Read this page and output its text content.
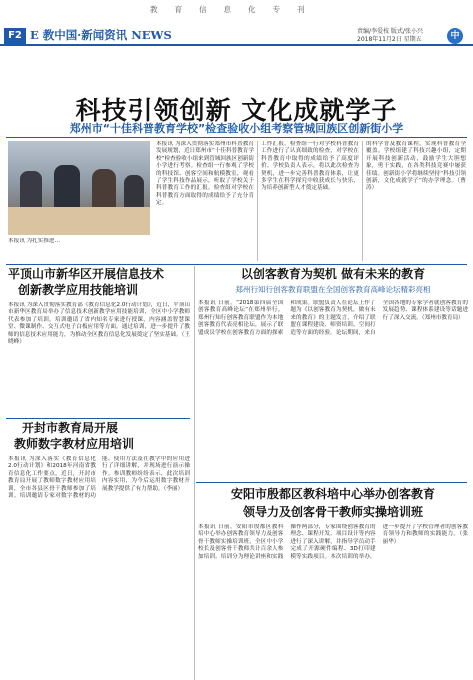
教育信息化专刊
F2 E 教中国·新闻资讯 NEWS	责编/李爱枝 版式/张小兴
2018年11月2日 星期五	中
科技引领创新 文化成就学子
郑州市“十佳科普教育学校”检查验收小组考察管城回族区创新街小学
本报讯 为扎实推进…
本报讯 为深入贯彻落实郑州市科普教育发展规划，近日郑州市“十佳科普教育学校”检查验收小组来到管城回族区创新街小学进行考察。检查组一行参观了学校的科技馆、创客空间和航模教室，观看了学生科技作品展示，听取了学校关于科普教育工作的汇报。检查组对学校在科普教育方面取得的成绩给予了充分肯定。
工作汇报。检查组一行对学校科普教育工作进行了认真细致的检查，对学校在科普教育中取得的成绩给予了高度评价。学校负责人表示，将以此次检查为契机，进一步完善科普教育体系，让更多学生在科学探究中收获成长与快乐，为培养创新型人才奠定基础。
的科学普及教育课程，实现科普教育全覆盖。学校组建了科技兴趣小组，定期开展科技创新活动，鼓励学生大胆想象，勇于实践，在各类科技竞赛中屡获佳绩。创新街小学将继续坚持“科技引领创新，文化成就学子”的办学理念。（曹涛）
平顶山市新华区开展信息技术
创新教学应用技能培训
本报讯 为深入贯彻落实教育部《教育信息化2.0行动计划》，近日，平顶山市新华区教育局举办了信息技术创新教学应用技能培训，全区中小学教师代表参加了培训。培训邀请了省内知名专家进行授课，内容涵盖智慧课堂、微课制作、交互式电子白板应用等方面。通过培训，进一步提升了教师的信息技术应用能力，为推动全区教育信息化发展奠定了坚实基础。（王晓峰）
以创客教育为契机 做有未来的教育
郑州行知行创客教育联盟在全国创客教育高峰论坛精彩亮相
本报讯 日前，“2018第四届全国创客教育高峰论坛”在郑州举行。郑州行知行创客教育联盟作为本地创客教育代表亮相论坛，展示了联盟成员学校在创客教育方面的探索和成果。联盟负责人在论坛上作了题为《以创客教育为契机，做有未来的教育》的主题发言，介绍了联盟在课程建设、师资培训、空间打造等方面的经验。论坛期间，来自全国各地的专家学者就创客教育的发展趋势、课程体系建设等话题进行了深入交流。（郑州市教育局）
开封市教育局开展
教师数字教材应用培训
本报讯 为深入落实《教育信息化2.0行动计划》和2018年河南省教育信息化工作要点，近日，开封市教育局开展了教师数字教材应用培训，全市各县区骨干教师参加了培训。培训邀请专家对数字教材的功能、使用方法及在教学中的应用进行了详细讲解，并现场进行演示操作。参训教师纷纷表示，此次培训内容实用，为今后运用数字教材开展教学提供了有力帮助。（李丽）	安阳市殷都区教科培中心举办创客教育
领导力及创客骨干教师实操培训班
本报讯 日前，安阳市殷都区教科培中心举办创客教育领导力及创客骨干教师实操培训班，全区中小学校长及创客骨干教师共计百余人参加培训。培训分为理论讲座和实践操作两部分，专家围绕创客教育的理念、课程开发、项目设计等内容进行了深入讲解，并指导学员动手完成了开源硬件编程、3D打印建模等实践项目。本次培训的举办，进一步提升了学校管理者的创客教育领导力和教师的实践能力。（张丽华）
